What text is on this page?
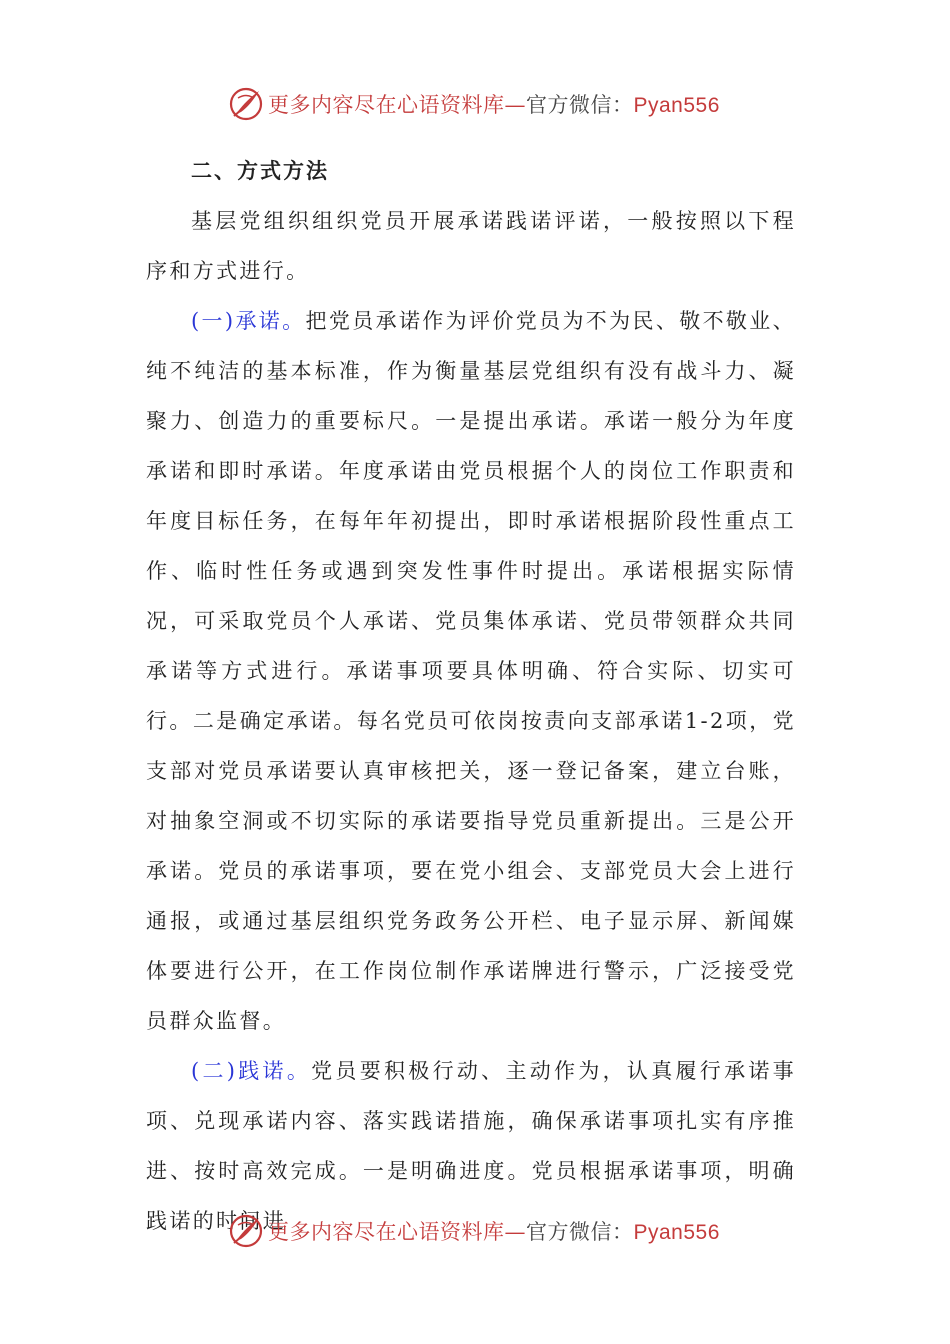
更多内容尽在心语资料库—官方微信：Pyan556
二、方式方法

基层党组织组织党员开展承诺践诺评诺，一般按照以下程序和方式进行。

(一)承诺。把党员承诺作为评价党员为不为民、敬不敬业、纯不纯洁的基本标准，作为衡量基层党组织有没有战斗力、凝聚力、创造力的重要标尺。一是提出承诺。承诺一般分为年度承诺和即时承诺。年度承诺由党员根据个人的岗位工作职责和年度目标任务，在每年年初提出，即时承诺根据阶段性重点工作、临时性任务或遇到突发性事件时提出。承诺根据实际情况，可采取党员个人承诺、党员集体承诺、党员带领群众共同承诺等方式进行。承诺事项要具体明确、符合实际、切实可行。二是确定承诺。每名党员可依岗按责向支部承诺1-2项，党支部对党员承诺要认真审核把关，逐一登记备案，建立台账，对抽象空洞或不切实际的承诺要指导党员重新提出。三是公开承诺。党员的承诺事项，要在党小组会、支部党员大会上进行通报，或通过基层组织党务政务公开栏、电子显示屏、新闻媒体要进行公开，在工作岗位制作承诺牌进行警示，广泛接受党员群众监督。

(二)践诺。党员要积极行动、主动作为，认真履行承诺事项、兑现承诺内容、落实践诺措施，确保承诺事项扎实有序推进、按时高效完成。一是明确进度。党员根据承诺事项，明确践诺的时间进

更多内容尽在心语资料库—官方微信：Pyan556
